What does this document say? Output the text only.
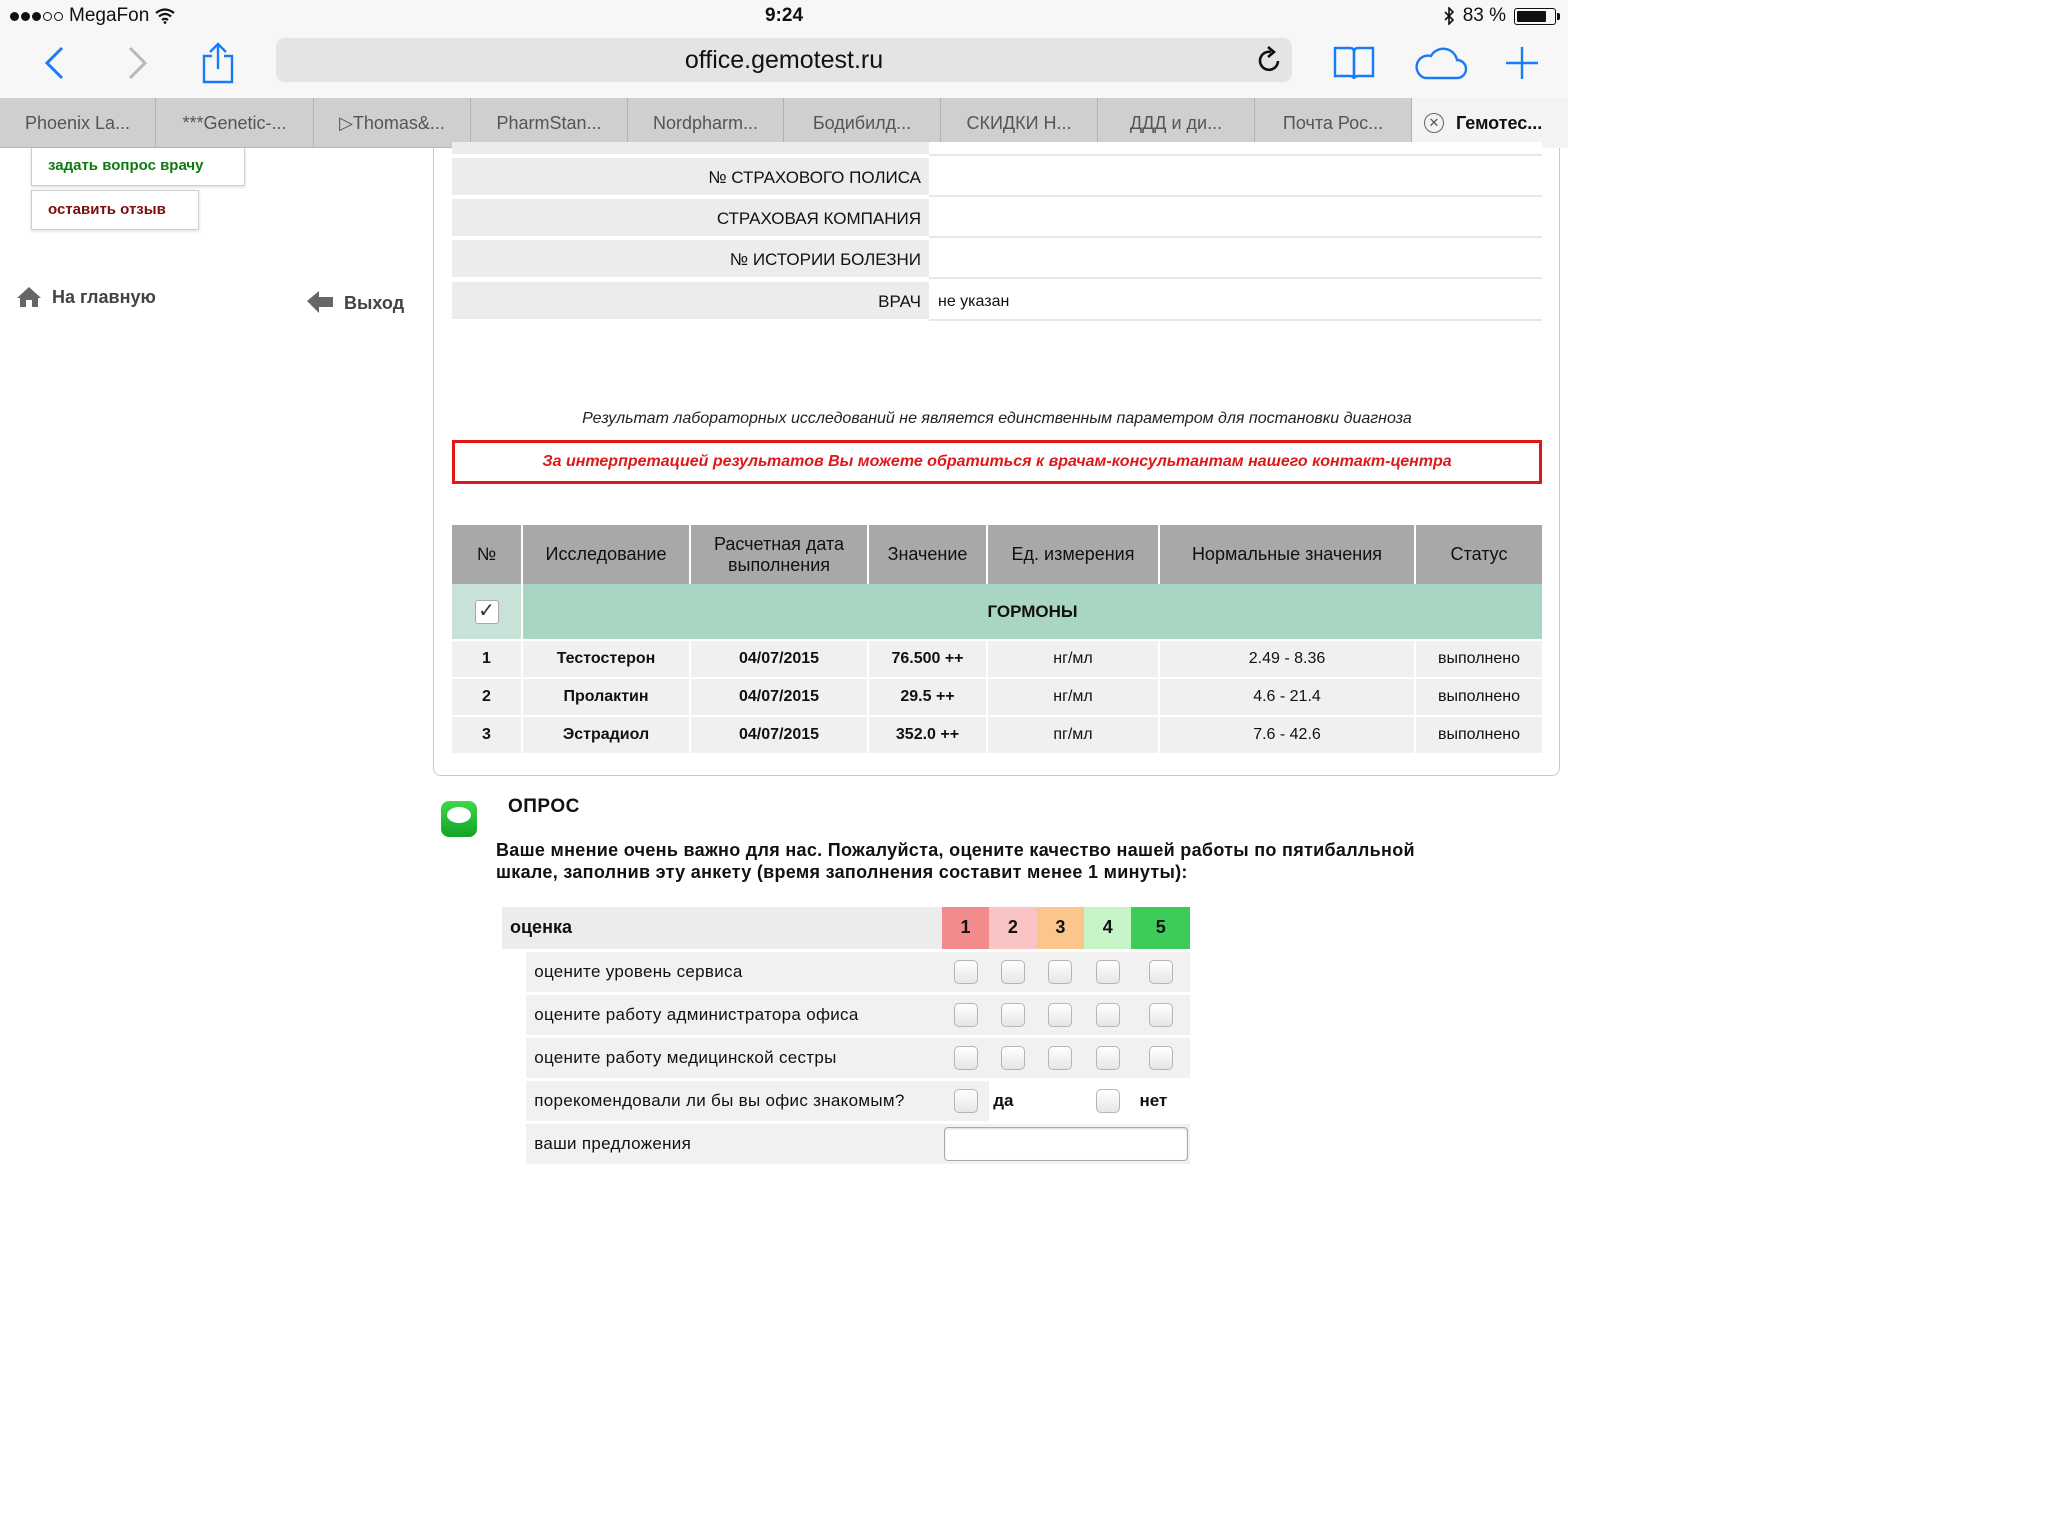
MegaFon	9:24	83 %
office.gemotest.ru
Phoenix La...	***Genetic-...	▷Thomas&...	PharmStan...	Nordpharm...	Бодибилд...	СКИДКИ Н...	ДДД и ди...	Почта Рос...	✕ Гемотес...
задать вопрос врачу
оставить отзыв
На главную	Выход
№ СТРАХОВОГО ПОЛИСА
СТРАХОВАЯ КОМПАНИЯ
№ ИСТОРИИ БОЛЕЗНИ
ВРАЧ	не указан
Результат лабораторных исследований не является единственным параметром для постановки диагноза
За интерпретацией результатов Вы можете обратиться к врачам-консультантам нашего контакт-центра
№	Исследование	Расчетная дата выполнения	Значение	Ед. измерения	Нормальные значения	Статус
✓	ГОРМОНЫ					
1	Тестостерон	04/07/2015	76.500 ++	нг/мл	2.49 - 8.36	выполнено
2	Пролактин	04/07/2015	29.5 ++	нг/мл	4.6 - 21.4	выполнено
3	Эстрадиол	04/07/2015	352.0 ++	пг/мл	7.6 - 42.6	выполнено
ОПРОС
Ваше мнение очень важно для нас. Пожалуйста, оцените качество нашей работы по пятибалльной шкале, заполнив эту анкету (время заполнения составит менее 1 минуты):
оценка		1	2	3	4	5
	оцените уровень сервиса					
	оцените работу администратора офиса					
	оцените работу медицинской сестры					
	порекомендовали ли бы вы офис знакомым?		да			нет
	ваши предложения					
